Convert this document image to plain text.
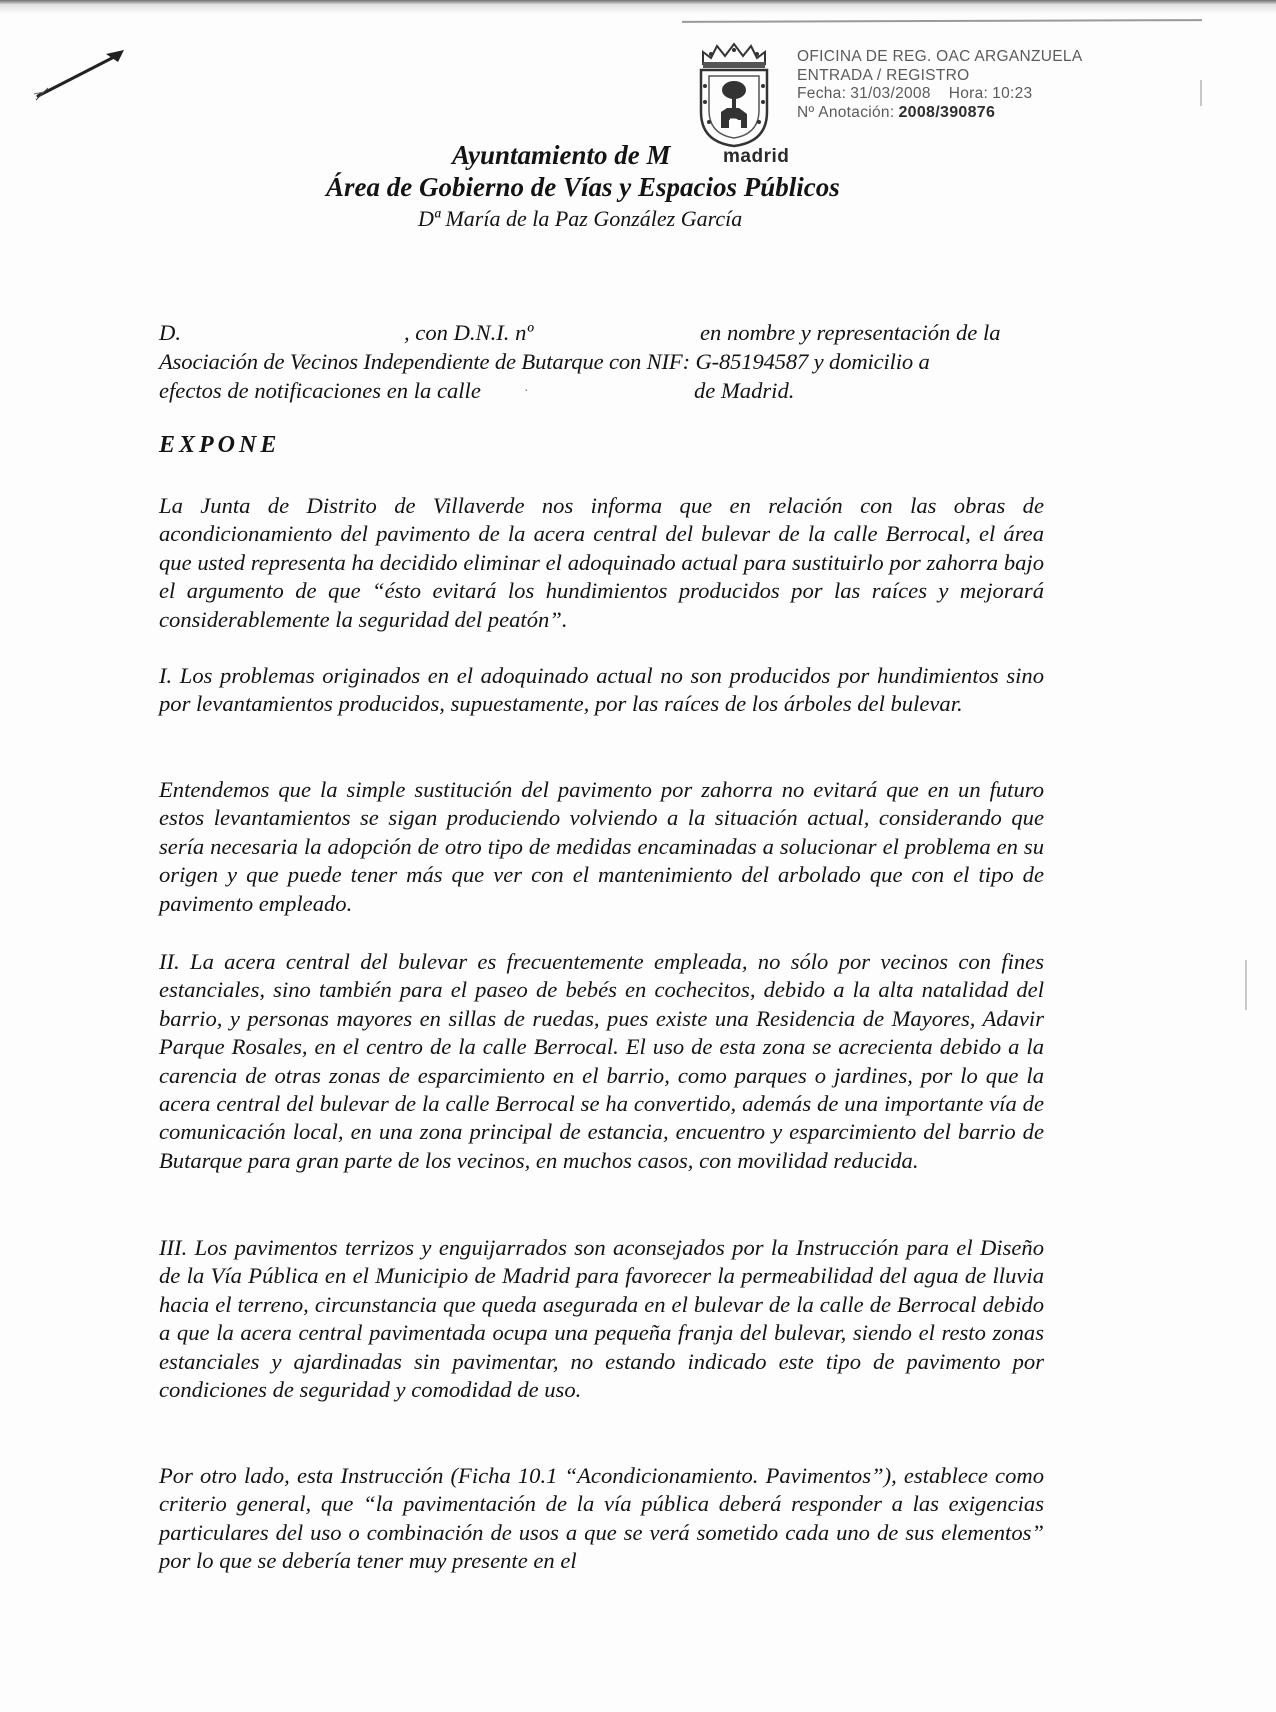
R
madrid
OFICINA DE REG. OAC ARGANZUELA
ENTRADA / REGISTRO
Fecha: 31/03/2008 Hora: 10:23
Nº Anotación: 2008/390876
Ayuntamiento de M
Área de Gobierno de Vías y Espacios Públicos
Dª María de la Paz González García
D.	, con D.N.I. nº	en nombre y representación de la
Asociación de Vecinos Independiente de Butarque con NIF: G-85194587 y domicilio a
efectos de notificaciones en la calle	·	de Madrid.
EXPONE
La Junta de Distrito de Villaverde nos informa que en relación con las obras de acondicionamiento del pavimento de la acera central del bulevar de la calle Berrocal, el área que usted representa ha decidido eliminar el adoquinado actual para sustituirlo por zahorra bajo el argumento de que “ésto evitará los hundimientos producidos por las raíces y mejorará considerablemente la seguridad del peatón”.
I. Los problemas originados en el adoquinado actual no son producidos por hundimientos sino por levantamientos producidos, supuestamente, por las raíces de los árboles del bulevar.
Entendemos que la simple sustitución del pavimento por zahorra no evitará que en un futuro estos levantamientos se sigan produciendo volviendo a la situación actual, considerando que sería necesaria la adopción de otro tipo de medidas encaminadas a solucionar el problema en su origen y que puede tener más que ver con el mantenimiento del arbolado que con el tipo de pavimento empleado.
II. La acera central del bulevar es frecuentemente empleada, no sólo por vecinos con fines estanciales, sino también para el paseo de bebés en cochecitos, debido a la alta natalidad del barrio, y personas mayores en sillas de ruedas, pues existe una Residencia de Mayores, Adavir Parque Rosales, en el centro de la calle Berrocal. El uso de esta zona se acrecienta debido a la carencia de otras zonas de esparcimiento en el barrio, como parques o jardines, por lo que la acera central del bulevar de la calle Berrocal se ha convertido, además de una importante vía de comunicación local, en una zona principal de estancia, encuentro y esparcimiento del barrio de Butarque para gran parte de los vecinos, en muchos casos, con movilidad reducida.
III. Los pavimentos terrizos y enguijarrados son aconsejados por la Instrucción para el Diseño de la Vía Pública en el Municipio de Madrid para favorecer la permeabilidad del agua de lluvia hacia el terreno, circunstancia que queda asegurada en el bulevar de la calle de Berrocal debido a que la acera central pavimentada ocupa una pequeña franja del bulevar, siendo el resto zonas estanciales y ajardinadas sin pavimentar, no estando indicado este tipo de pavimento por condiciones de seguridad y comodidad de uso.
Por otro lado, esta Instrucción (Ficha 10.1 “Acondicionamiento. Pavimentos”), establece como criterio general, que “la pavimentación de la vía pública deberá responder a las exigencias particulares del uso o combinación de usos a que se verá sometido cada uno de sus elementos” por lo que se debería tener muy presente en el
